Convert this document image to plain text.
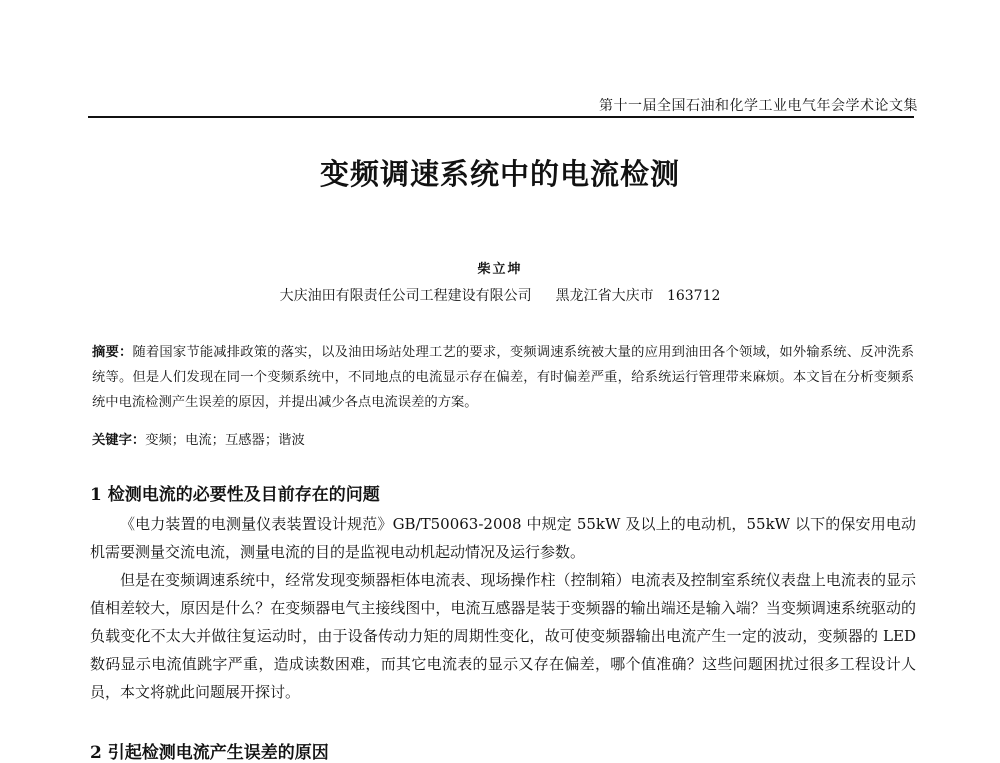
第十一届全国石油和化学工业电气年会学术论文集
变频调速系统中的电流检测
柴立坤
大庆油田有限责任公司工程建设有限公司 黑龙江省大庆市 163712
摘要：随着国家节能减排政策的落实，以及油田场站处理工艺的要求，变频调速系统被大量的应用到油田各个领域，如外输系统、反冲洗系统等。但是人们发现在同一个变频系统中，不同地点的电流显示存在偏差，有时偏差严重，给系统运行管理带来麻烦。本文旨在分析变频系统中电流检测产生误差的原因，并提出减少各点电流误差的方案。
关键字：变频；电流；互感器；谐波
1 检测电流的必要性及目前存在的问题

《电力装置的电测量仪表装置设计规范》GB/T50063-2008 中规定 55kW 及以上的电动机，55kW 以下的保安用电动机需要测量交流电流，测量电流的目的是监视电动机起动情况及运行参数。

但是在变频调速系统中，经常发现变频器柜体电流表、现场操作柱（控制箱）电流表及控制室系统仪表盘上电流表的显示值相差较大，原因是什么？在变频器电气主接线图中，电流互感器是装于变频器的输出端还是输入端？当变频调速系统驱动的负载变化不太大并做往复运动时，由于设备传动力矩的周期性变化，故可使变频器输出电流产生一定的波动，变频器的 LED 数码显示电流值跳字严重，造成读数困难，而其它电流表的显示又存在偏差，哪个值准确？这些问题困扰过很多工程设计人员，本文将就此问题展开探讨。

2 引起检测电流产生误差的原因
